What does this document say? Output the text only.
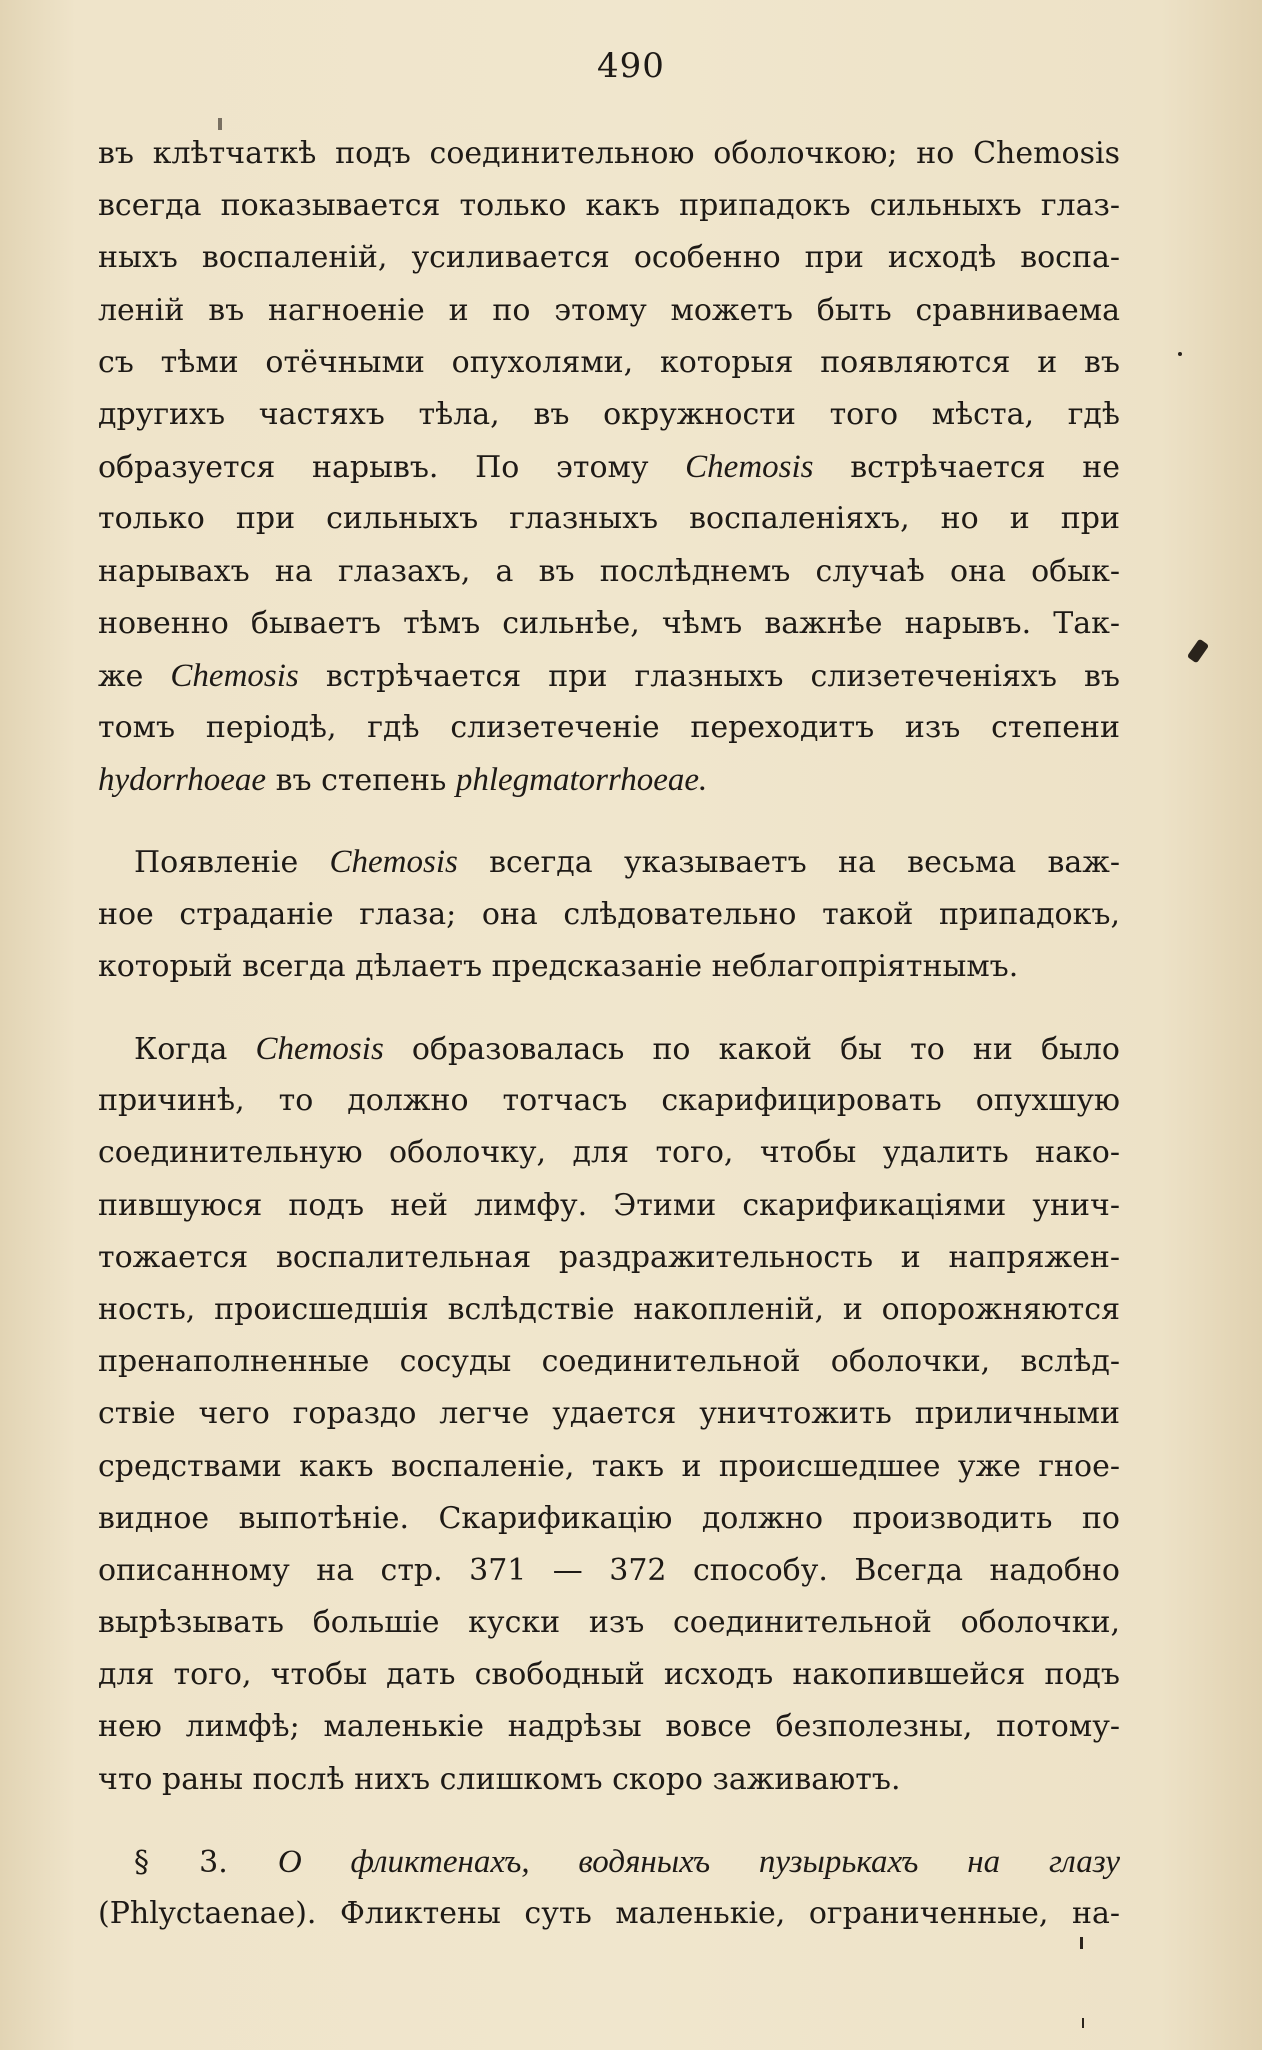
490
въ клѣтчаткѣ подъ соединительною оболочкою; но Chemosis
всегда показывается только какъ припадокъ сильныхъ глаз-
ныхъ воспаленій, усиливается особенно при исходѣ воспа-
леній въ нагноеніе и по этому можетъ быть сравниваема
съ тѣми отёчными опухолями, которыя появляются и въ
другихъ частяхъ тѣла, въ окружности того мѣста, гдѣ
образуется нарывъ. По этому Chemosis встрѣчается не
только при сильныхъ глазныхъ воспаленіяхъ, но и при
нарывахъ на глазахъ, а въ послѣднемъ случаѣ она обык-
новенно бываетъ тѣмъ сильнѣе, чѣмъ важнѣе нарывъ. Так-
же Chemosis встрѣчается при глазныхъ слизетеченіяхъ въ
томъ періодѣ, гдѣ слизетеченіе переходитъ изъ степени
hydorrhoeae въ степень phlegmatorrhoeae.
Появленіе Chemosis всегда указываетъ на весьма важ-
ное страданіе глаза; она слѣдовательно такой припадокъ,
который всегда дѣлаетъ предсказаніе неблагопріятнымъ.
Когда Chemosis образовалась по какой бы то ни было
причинѣ, то должно тотчасъ скарифицировать опухшую
соединительную оболочку, для того, чтобы удалить нако-
пившуюся подъ ней лимфу. Этими скарификаціями унич-
тожается воспалительная раздражительность и напряжен-
ность, происшедшія вслѣдствіе накопленій, и опорожняются
пренаполненные сосуды соединительной оболочки, вслѣд-
ствіе чего гораздо легче удается уничтожить приличными
средствами какъ воспаленіе, такъ и происшедшее уже гное-
видное выпотѣніе. Скарификацію должно производить по
описанному на стр. 371 — 372 способу. Всегда надобно
вырѣзывать большіе куски изъ соединительной оболочки,
для того, чтобы дать свободный исходъ накопившейся подъ
нею лимфѣ; маленькіе надрѣзы вовсе безполезны, потому-
что раны послѣ нихъ слишкомъ скоро заживаютъ.
§ 3. О фликтенахъ, водяныхъ пузырькахъ на глазу
(Phlyctaenae). Фликтены суть маленькіе, ограниченные, на-
